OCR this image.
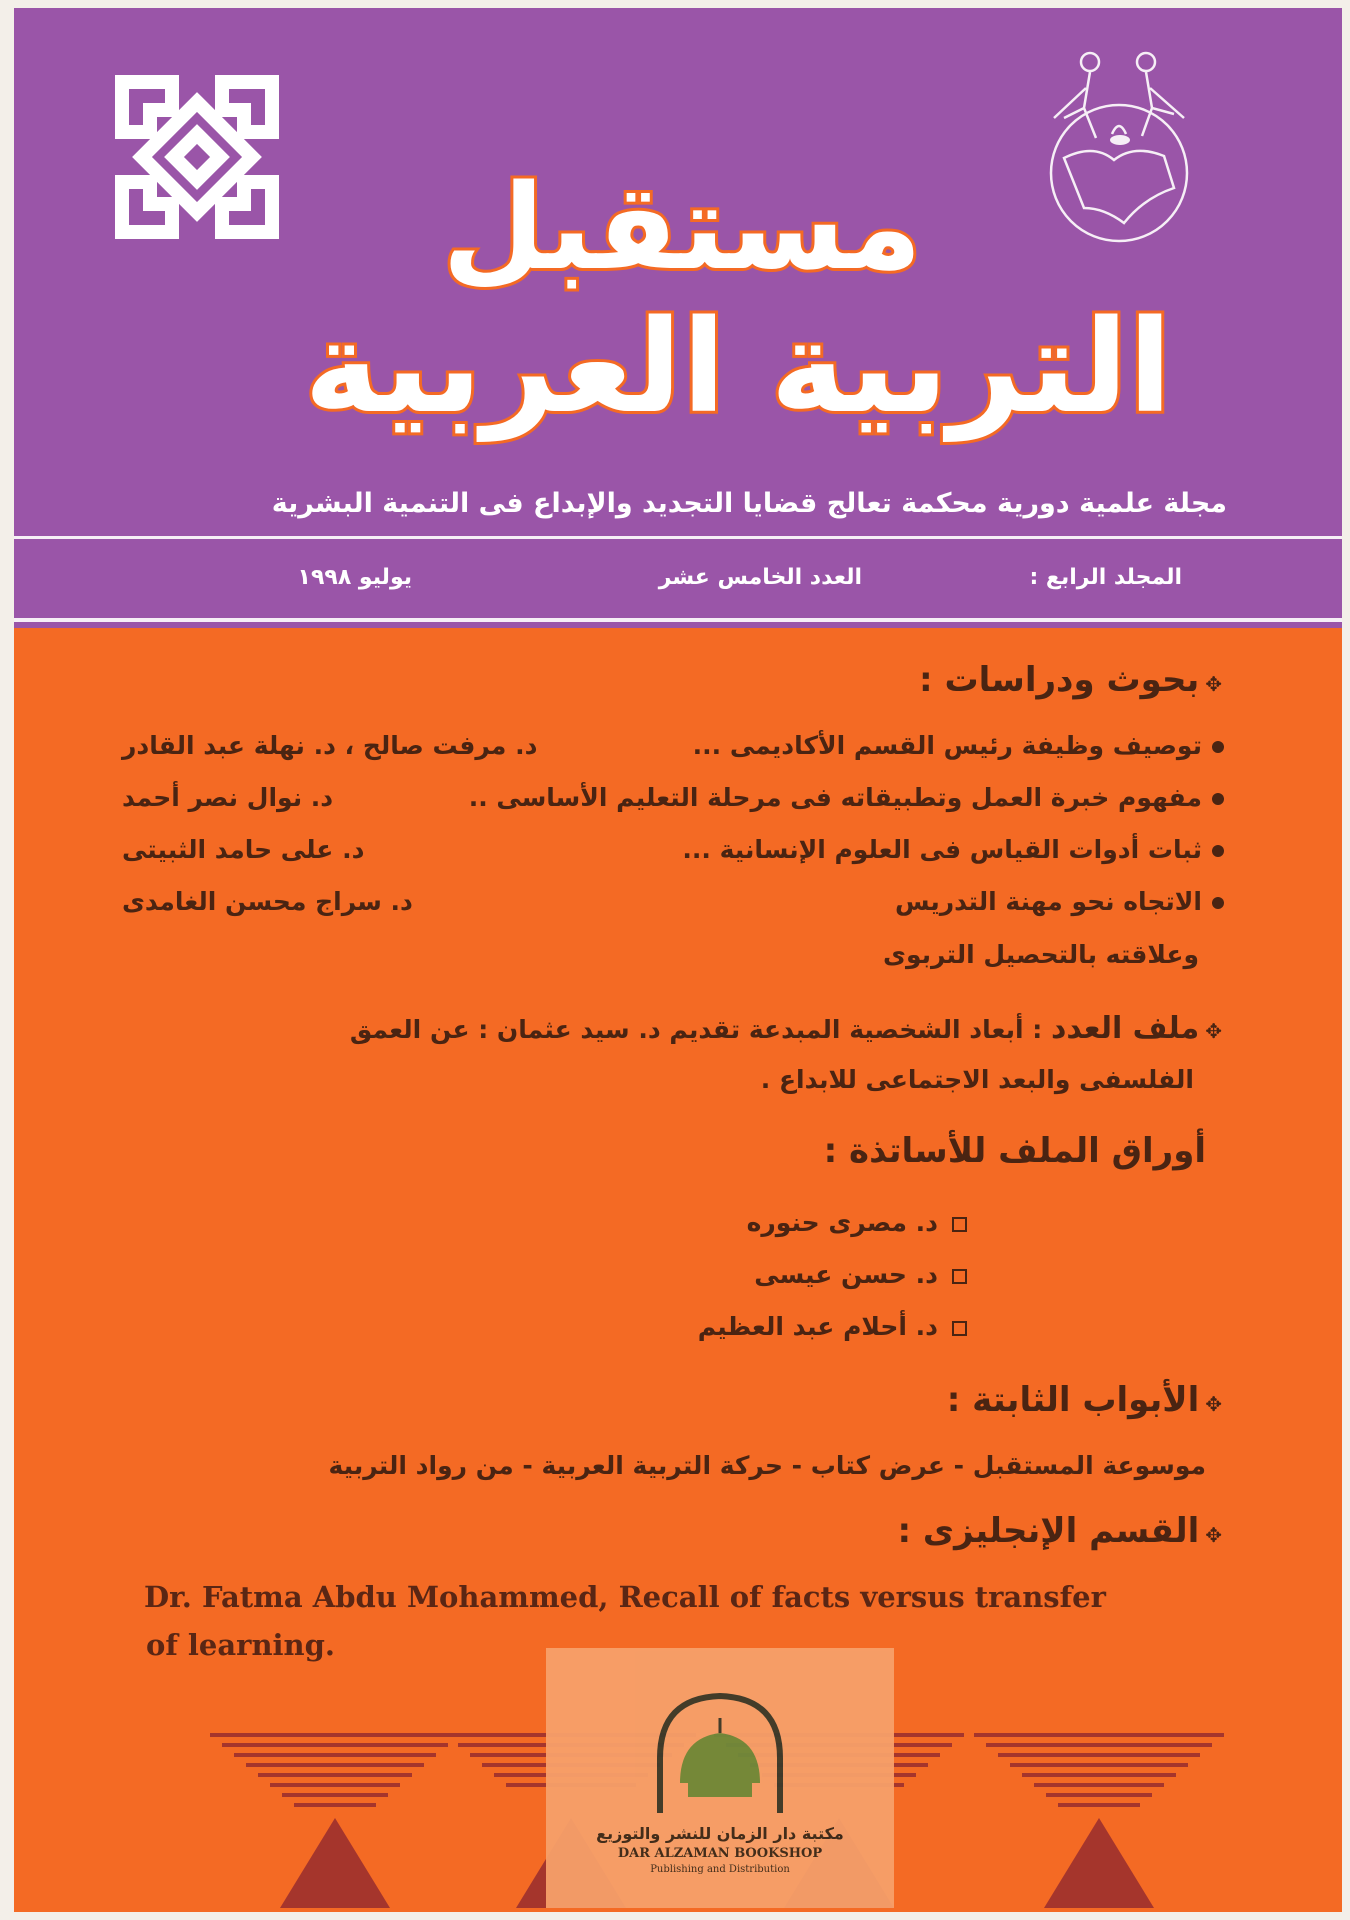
مستقبل
التربية العربية
مجلة علمية دورية محكمة تعالج قضايا التجديد والإبداع فى التنمية البشرية
المجلد الرابع :
العدد الخامس عشر
يوليو ١٩٩٨
✥بحوث ودراسات :
توصيف وظيفة رئيس القسم الأكاديمى ...
د. مرفت صالح ، د. نهلة عبد القادر
مفهوم خبرة العمل وتطبيقاته فى مرحلة التعليم الأساسى ..
د. نوال نصر أحمد
ثبات أدوات القياس فى العلوم الإنسانية ...
د. على حامد الثبيتى
الاتجاه نحو مهنة التدريس
د. سراج محسن الغامدى
وعلاقته بالتحصيل التربوى
✥ملف العدد : أبعاد الشخصية المبدعة تقديم د. سيد عثمان : عن العمق
الفلسفى والبعد الاجتماعى للابداع .
أوراق الملف للأساتذة :
د. مصرى حنوره
د. حسن عيسى
د. أحلام عبد العظيم
✥الأبواب الثابتة :
موسوعة المستقبل - عرض كتاب - حركة التربية العربية - من رواد التربية
✥القسم الإنجليزى :
Dr. Fatma Abdu Mohammed, Recall of facts versus transfer
of learning.
مكتبة دار الزمان للنشر والتوزيع
DAR ALZAMAN BOOKSHOP
Publishing and Distribution
